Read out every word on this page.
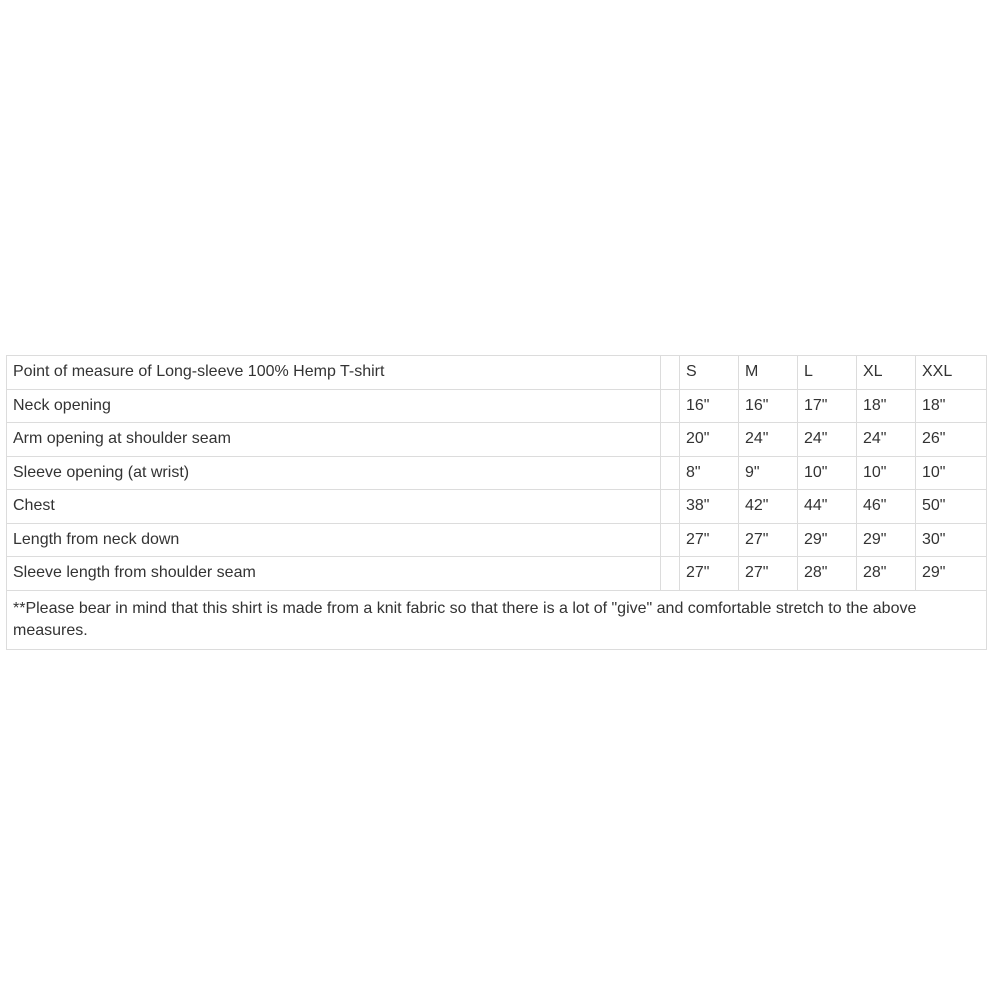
Point of measure of Long-sleeve 100% Hemp T-shirt		S	M	L	XL	XXL
Neck opening		16"	16"	17"	18"	18"
Arm opening at shoulder seam		20"	24"	24"	24"	26"
Sleeve opening (at wrist)		8"	9"	10"	10"	10"
Chest		38"	42"	44"	46"	50"
Length from neck down		27"	27"	29"	29"	30"
Sleeve length from shoulder seam		27"	27"	28"	28"	29"
**Please bear in mind that this shirt is made from a knit fabric so that there is a lot of "give" and comfortable stretch to the above measures.						
